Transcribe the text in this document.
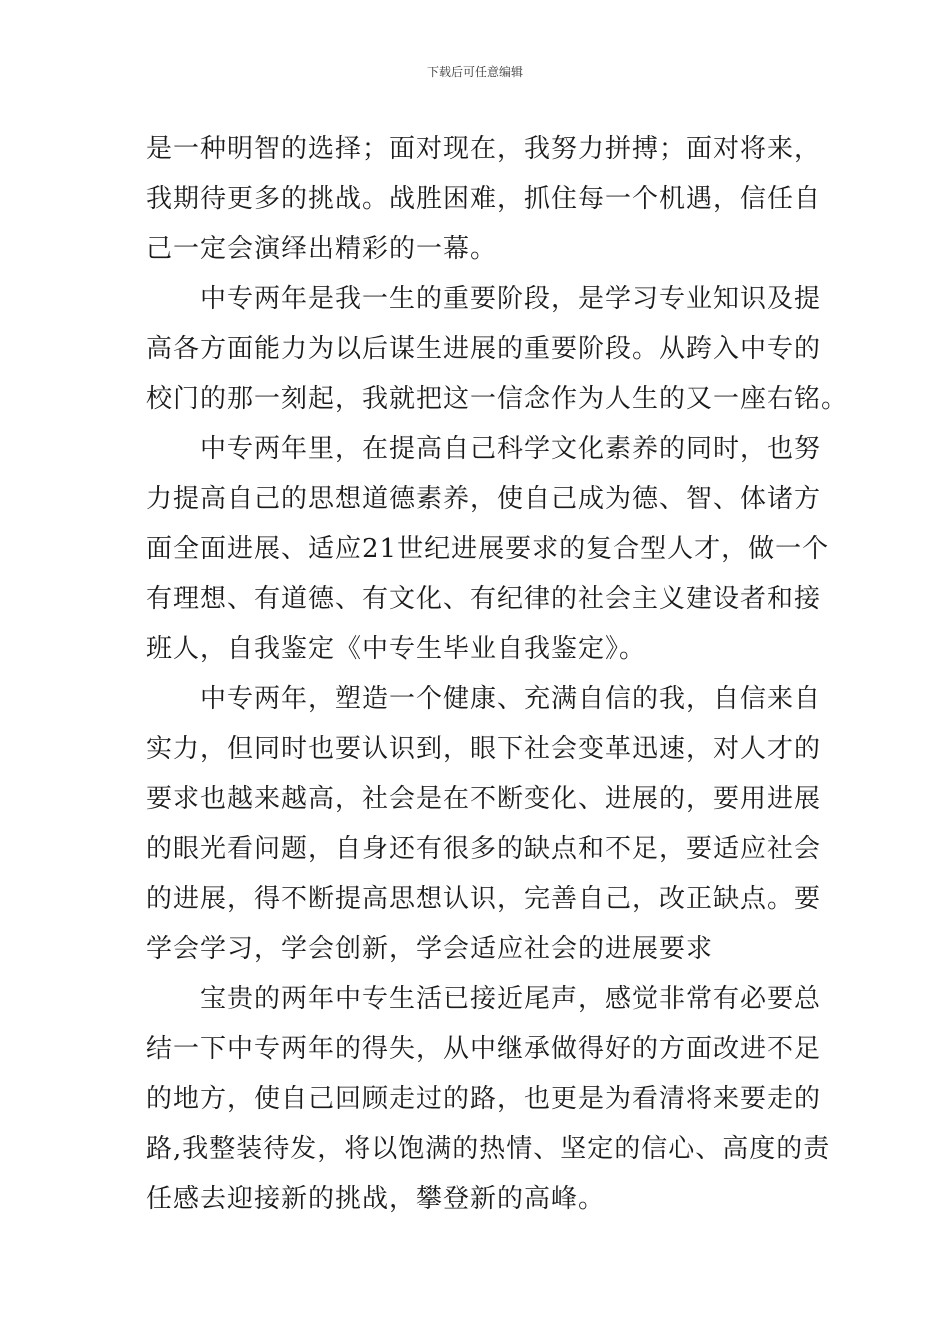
下载后可任意编辑
是一种明智的选择；面对现在，我努力拼搏；面对将来，
我期待更多的挑战。战胜困难，抓住每一个机遇，信任自
己一定会演绎出精彩的一幕。
中专两年是我一生的重要阶段，是学习专业知识及提
高各方面能力为以后谋生进展的重要阶段。从跨入中专的
校门的那一刻起，我就把这一信念作为人生的又一座右铭。
中专两年里，在提高自己科学文化素养的同时，也努
力提高自己的思想道德素养，使自己成为德、智、体诸方
面全面进展、适应21世纪进展要求的复合型人才，做一个
有理想、有道德、有文化、有纪律的社会主义建设者和接
班人，自我鉴定《中专生毕业自我鉴定》。
中专两年，塑造一个健康、充满自信的我，自信来自
实力，但同时也要认识到，眼下社会变革迅速，对人才的
要求也越来越高，社会是在不断变化、进展的，要用进展
的眼光看问题，自身还有很多的缺点和不足，要适应社会
的进展，得不断提高思想认识，完善自己，改正缺点。要
学会学习，学会创新，学会适应社会的进展要求
宝贵的两年中专生活已接近尾声，感觉非常有必要总
结一下中专两年的得失，从中继承做得好的方面改进不足
的地方，使自己回顾走过的路，也更是为看清将来要走的
路,我整装待发，将以饱满的热情、坚定的信心、高度的责
任感去迎接新的挑战，攀登新的高峰。
